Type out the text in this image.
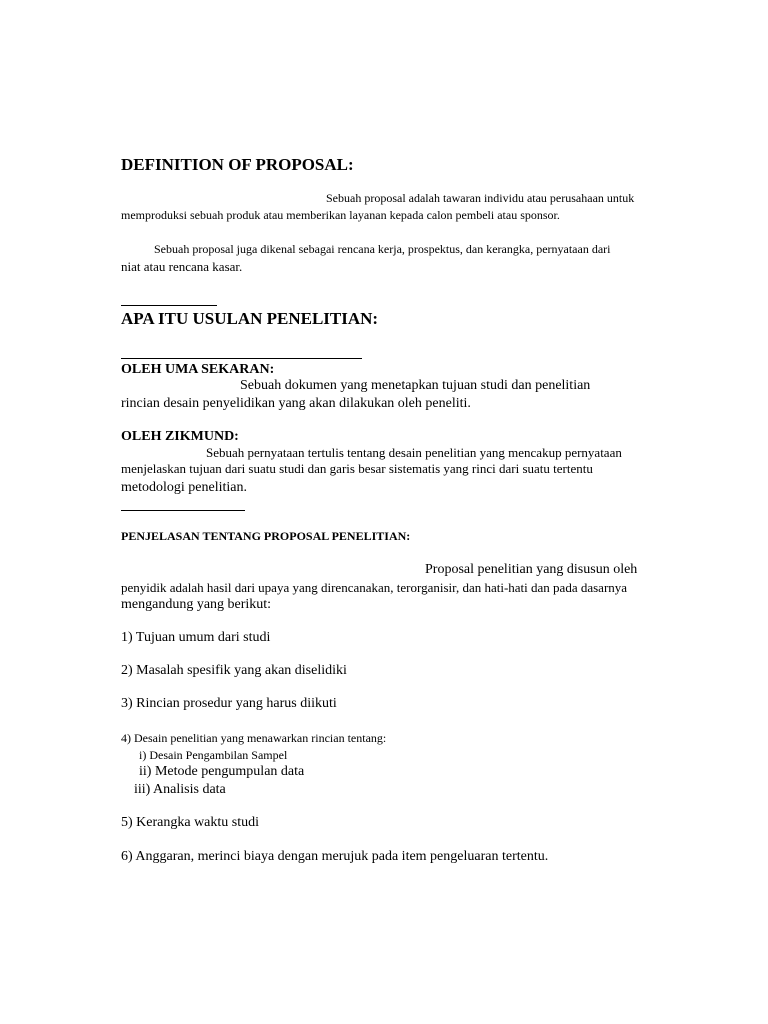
DEFINITION OF PROPOSAL:

Sebuah proposal adalah tawaran individu atau perusahaan untuk

memproduksi sebuah produk atau memberikan layanan kepada calon pembeli atau sponsor.

Sebuah proposal juga dikenal sebagai rencana kerja, prospektus, dan kerangka, pernyataan dari

niat atau rencana kasar.

APA ITU USULAN PENELITIAN:

OLEH UMA SEKARAN:

Sebuah dokumen yang menetapkan tujuan studi dan penelitian

rincian desain penyelidikan yang akan dilakukan oleh peneliti.

OLEH ZIKMUND:

Sebuah pernyataan tertulis tentang desain penelitian yang mencakup pernyataan

menjelaskan tujuan dari suatu studi dan garis besar sistematis yang rinci dari suatu tertentu

metodologi penelitian.

PENJELASAN TENTANG PROPOSAL PENELITIAN:

Proposal penelitian yang disusun oleh

penyidik adalah hasil dari upaya yang direncanakan, terorganisir, dan hati-hati dan pada dasarnya

mengandung yang berikut:

1) Tujuan umum dari studi

2) Masalah spesifik yang akan diselidiki

3) Rincian prosedur yang harus diikuti

4) Desain penelitian yang menawarkan rincian tentang:

i) Desain Pengambilan Sampel

ii) Metode pengumpulan data

iii) Analisis data

5) Kerangka waktu studi

6) Anggaran, merinci biaya dengan merujuk pada item pengeluaran tertentu.
